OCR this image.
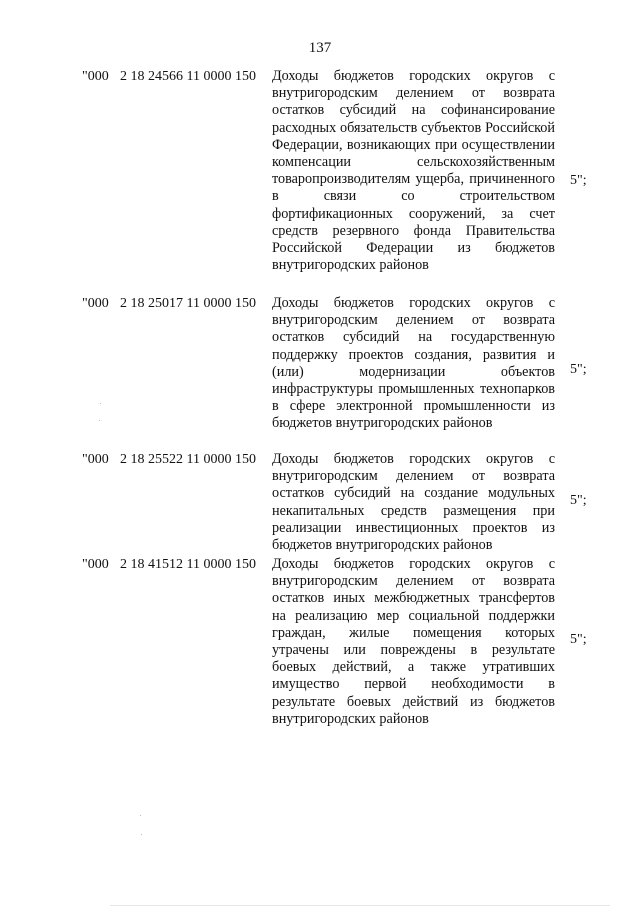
137
"000 2 18 24566 11 0000 150 Доходы бюджетов городских округов с внутригородским делением от возврата остатков субсидий на софинансирование расходных обязательств субъектов Российской Федерации, возникающих при осуществлении компенсации сельскохозяйственным товаропроизводителям ущерба, причиненного в связи со строительством фортификационных сооружений, за счет средств резервного фонда Правительства Российской Федерации из бюджетов внутригородских районов
5";
"000 2 18 25017 11 0000 150 Доходы бюджетов городских округов с внутригородским делением от возврата остатков субсидий на государственную поддержку проектов создания, развития и (или) модернизации объектов инфраструктуры промышленных технопарков в сфере электронной промышленности из бюджетов внутригородских районов
5";
"000 2 18 25522 11 0000 150 Доходы бюджетов городских округов с внутригородским делением от возврата остатков субсидий на создание модульных некапитальных средств размещения при реализации инвестиционных проектов из бюджетов внутригородских районов
5";
"000 2 18 41512 11 0000 150 Доходы бюджетов городских округов с внутригородским делением от возврата остатков иных межбюджетных трансфертов на реализацию мер социальной поддержки граждан, жилые помещения которых утрачены или повреждены в результате боевых действий, а также утративших имущество первой необходимости в результате боевых действий из бюджетов внутригородских районов
5";
